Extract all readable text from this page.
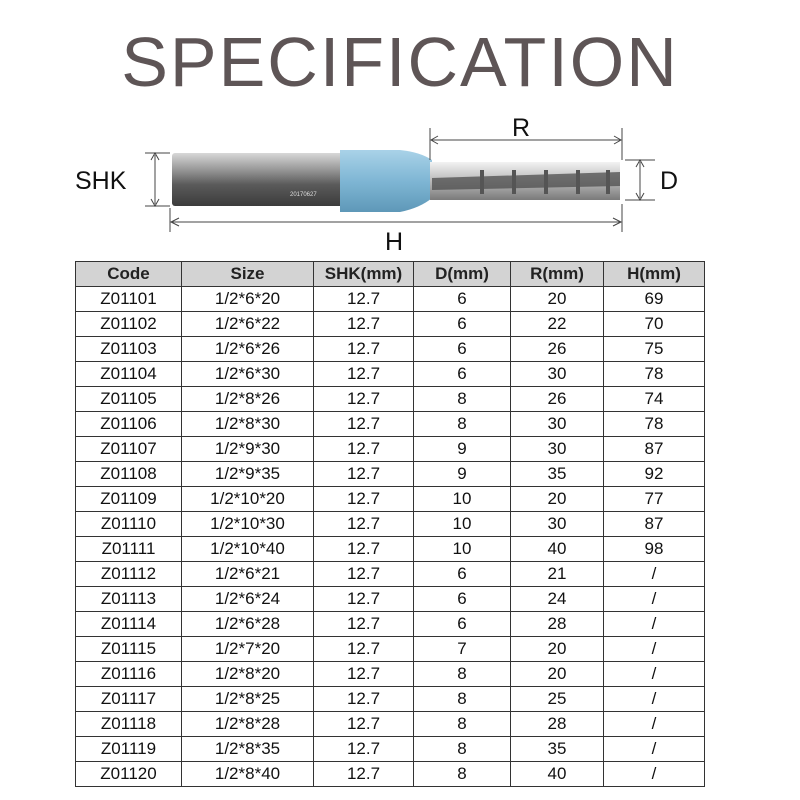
SPECIFICATION
20170627
SHK	D
R
H
Code	Size	SHK(mm)	D(mm)	R(mm)	H(mm)
Z01101	1/2*6*20	12.7	6	20	69
Z01102	1/2*6*22	12.7	6	22	70
Z01103	1/2*6*26	12.7	6	26	75
Z01104	1/2*6*30	12.7	6	30	78
Z01105	1/2*8*26	12.7	8	26	74
Z01106	1/2*8*30	12.7	8	30	78
Z01107	1/2*9*30	12.7	9	30	87
Z01108	1/2*9*35	12.7	9	35	92
Z01109	1/2*10*20	12.7	10	20	77
Z01110	1/2*10*30	12.7	10	30	87
Z01111	1/2*10*40	12.7	10	40	98
Z01112	1/2*6*21	12.7	6	21	/
Z01113	1/2*6*24	12.7	6	24	/
Z01114	1/2*6*28	12.7	6	28	/
Z01115	1/2*7*20	12.7	7	20	/
Z01116	1/2*8*20	12.7	8	20	/
Z01117	1/2*8*25	12.7	8	25	/
Z01118	1/2*8*28	12.7	8	28	/
Z01119	1/2*8*35	12.7	8	35	/
Z01120	1/2*8*40	12.7	8	40	/
